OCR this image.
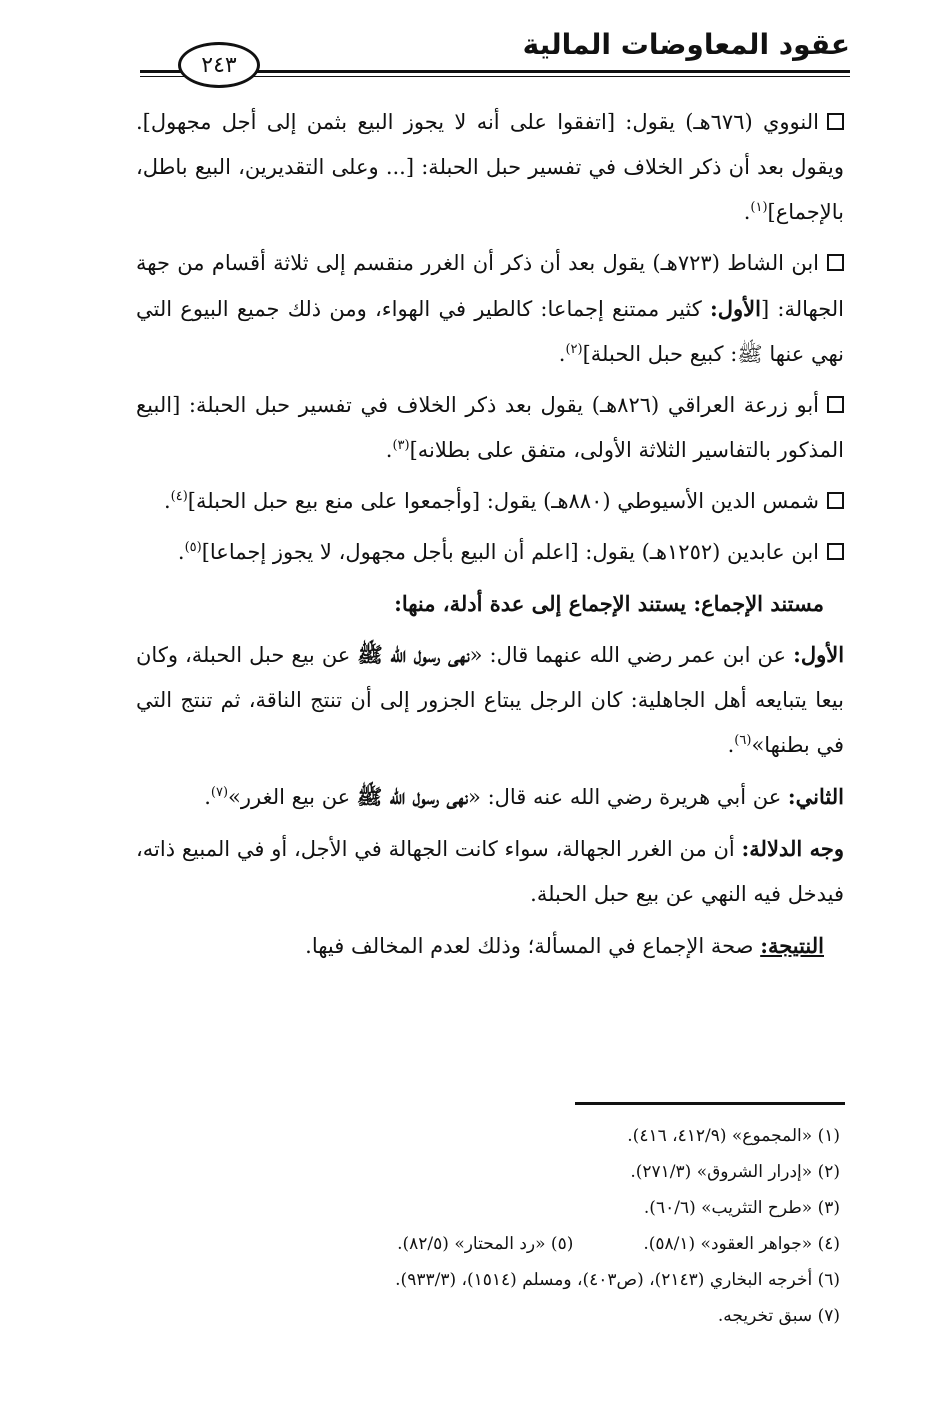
عقود المعاوضات المالية
٢٤٣

النووي (٦٧٦هـ) يقول: [اتفقوا على أنه لا يجوز البيع بثمن إلى أجل مجهول]. ويقول بعد أن ذكر الخلاف في تفسير حبل الحبلة: [... وعلى التقديرين، البيع باطل، بالإجماع]$^{(١)}$.

ابن الشاط (٧٢٣هـ) يقول بعد أن ذكر أن الغرر منقسم إلى ثلاثة أقسام من جهة الجهالة: [الأول: كثير ممتنع إجماعا: كالطير في الهواء، ومن ذلك جميع البيوع التي نهي عنها ﷺ: كبيع حبل الحبلة]$^{(٢)}$.

أبو زرعة العراقي (٨٢٦هـ) يقول بعد ذكر الخلاف في تفسير حبل الحبلة: [البيع المذكور بالتفاسير الثلاثة الأولى، متفق على بطلانه]$^{(٣)}$.

شمس الدين الأسيوطي (٨٨٠هـ) يقول: [وأجمعوا على منع بيع حبل الحبلة]$^{(٤)}$.

ابن عابدين (١٢٥٢هـ) يقول: [اعلم أن البيع بأجل مجهول، لا يجوز إجماعا]$^{(٥)}$.

مستند الإجماع: يستند الإجماع إلى عدة أدلة، منها:

الأول: عن ابن عمر رضي الله عنهما قال: «نهى رسول الله ﷺ عن بيع حبل الحبلة، وكان بيعا يتبايعه أهل الجاهلية: كان الرجل يبتاع الجزور إلى أن تنتج الناقة، ثم تنتج التي في بطنها»$^{(٦)}$.

الثاني: عن أبي هريرة رضي الله عنه قال: «نهى رسول الله ﷺ عن بيع الغرر»$^{(٧)}$.

وجه الدلالة: أن من الغرر الجهالة، سواء كانت الجهالة في الأجل، أو في المبيع ذاته، فيدخل فيه النهي عن بيع حبل الحبلة.

النتيجة: صحة الإجماع في المسألة؛ وذلك لعدم المخالف فيها.

(١) «المجموع» (٤١٢/٩، ٤١٦).
(٢) «إدرار الشروق» (٢٧١/٣).
(٣) «طرح التثريب» (٦٠/٦).
(٤) «جواهر العقود» (٥٨/١).
(٥) «رد المحتار» (٨٢/٥).
(٦) أخرجه البخاري (٢١٤٣)، (ص٤٠٣)، ومسلم (١٥١٤)، (٩٣٣/٣).
(٧) سبق تخريجه.
